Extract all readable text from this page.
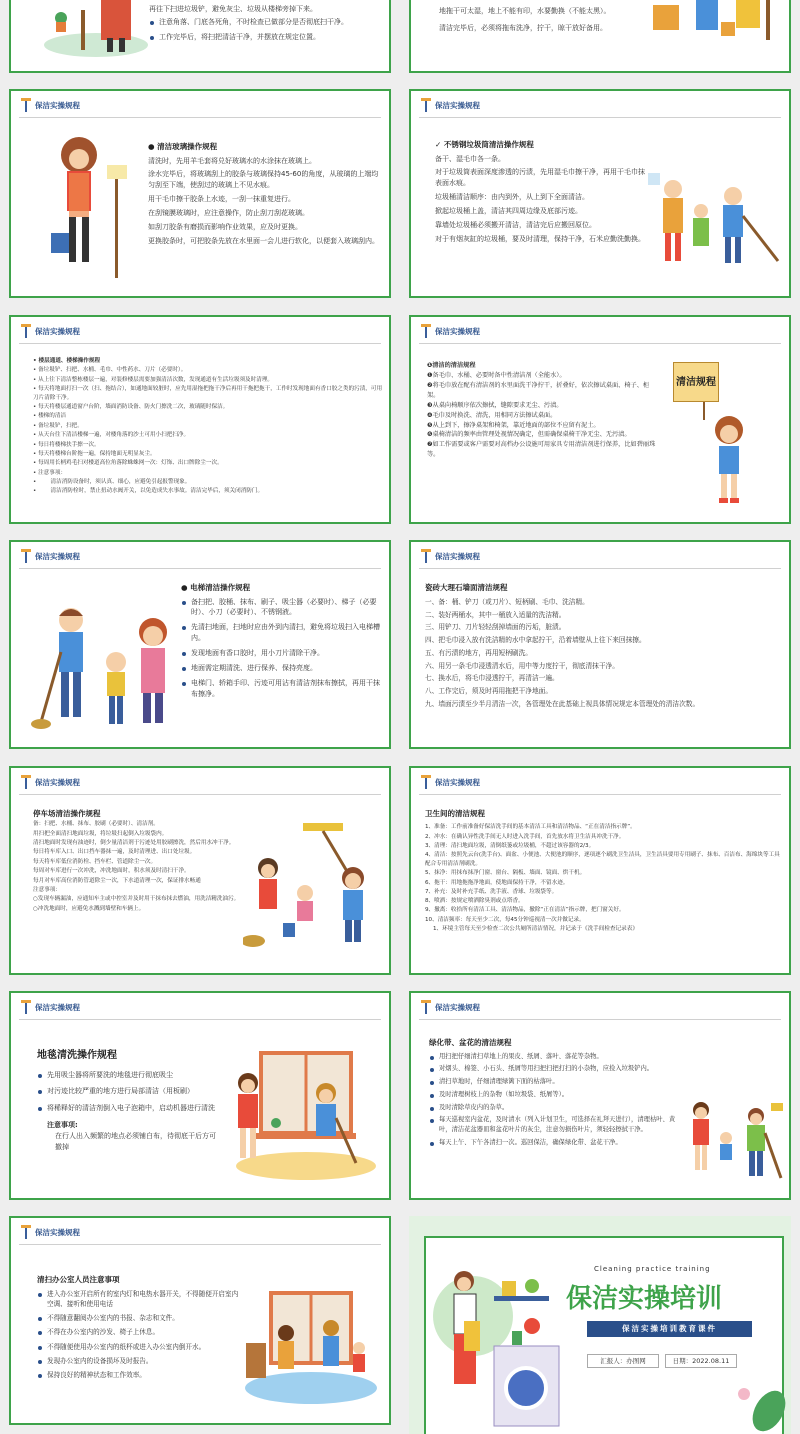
再往下扫进垃圾铲，避免灰尘、垃圾从楼梯旁掉下来。

注意角落、门底各死角，不时检查已做部分是否彻底扫干净。
工作完毕后，将扫把清洁干净，并摆放在规定位置。

地拖干可太湿，地上不能有印，水要勤换（不能太黑）。

清洁完毕后，必须将拖布洗净，拧干，晾干放好备用。

保洁实操规程

● 清洁玻璃操作规程

清洗时，先用羊毛套将兑好玻璃水的水涂抹在玻璃上。

涂水完毕后，将玻璃刮上的胶条与玻璃保持45-60的角度，从玻璃的上端均匀刮至下端，使刮过的玻璃上不见水痕。

用干毛巾擦干胶条上水迹，一刮一抹重复进行。

在刮镜膜玻璃时，应注意操作，防止刮刀刮花玻璃。

如刮刀胶条有磨损而影响作业效果，应及时更换。

更换胶条时，可把胶条先放在水里面一会儿进行软化，以便套入玻璃刮内。

保洁实操规程

✓ 不锈钢垃圾筒清洁操作规程

备干、湿毛巾各一条。

对于垃圾筒表面深度渗透的污渍，先用湿毛巾擦干净，再用干毛巾抹表面水痕。

垃圾桶清洁顺序：由内到外，从上到下全面清洁。

掀起垃圾桶上盖，清洁其四周边缘及底部污迹。

靠墙处垃圾桶必须搬开清洁，清洁完后应搬回原位。

对于有烟灰缸的垃圾桶，要及时清理，保持干净，石米应勤洗勤换。

保洁实操规程

• 楼层通道、楼梯操作规程

• 备垃圾铲、扫把、水桶、毛巾、中性药水、刀片（必要时）。

• 从上往下清洁整栋楼层一遍，对装修楼层需要加强清洁次数，发现通道有生活垃圾须及时清理。

• 每天将地面打扫一次（扫、拖结合），如通地面较脏时，应先用湿拖把拖干净后再用干拖把拖干，工作时发现地面有香口胶之类的污渍，可用刀片清除干净。

• 每天将楼层通道窗户台阶，墙面消防设备、防火门擦洗二次，玻璃随时保洁。

• 楼梯的清洁

• 备垃圾铲，扫把。

• 从天台往下清洁楼梯一遍，对楼角落的沙土可用小扫把扫净。

• 每日将楼梯扶手擦一次。

• 每天将楼梯台阶拖一遍，保持地面无明显灰尘。

• 每周用长柄鸡毛扫对楼道高位角落除蛛蛛网一次：灯饰、出口牌除尘一次。

• 注意事项：

•        清洁消防设备时，须认真、细心，应避免引起报警现象。

•        清洁消防栓时，禁止扭动水阀开关，以免造成失水事故。清洁完毕后，须关闭消防门。

保洁实操规程

❶清洁的清洁规程

❶备毛巾、水桶、必要时备中性清洁剂（全能水）。

❷将毛巾放在配有清洁剂的水里面洗干净拧干，折叠好，依次擦试桌面、椅子、柜架。

❸从桌向椅顺序依次擦拭，缝隙要求无尘、污渍。

❹毛巾及时换洗、清洗，用相同方法擦试桌面。

❺从上到下，擦净桌架和椅架，靠近地面的部位不应留有泥土。

❻桌椅清洁的频率由管理处视情况确定，但需确保桌椅干净无尘、无污渍。

❼如工作需要或客户需要对高档办公设施可用家具专用清洁剂进行保养，比如碧丽珠等。

清洁规程
保洁实操规程

● 电梯清洁操作规程

备扫把、胶桶、抹布、刷子、吸尘器（必要时）、梯子（必要时）、小刀（必要时）、不锈钢液。
先清扫地面，扫地时应由外到内清扫，避免将垃圾扫入电梯槽内。
发现地面有香口胶时，用小刀片清除干净。
地面需定期清洗、进行保养、保持亮度。
电梯门、轿箱手印、污迹可用沾有清洁剂抹布擦拭，再用干抹布擦净。
保洁实操规程

瓷砖大理石墙面清洁规程

一、备：桶、铲刀（或刀片）、短柄刷、毛巾、洗洁精。

二、装好两桶水，其中一桶放入适量的洗洁精。

三、用铲刀、刀片轻轻刮掉墙面的污垢，脏渍。

四、把毛巾浸入放有洗洁精的水中拿起拧干，沿着墙壁从上往下来回抹擦。

五、有污渍的地方，再用短柄刷洗。

六、用另一条毛巾浸透清水后，用中等力度拧干，彻底清抹干净。

七、换水后，将毛巾浸透拧干，再清洁一遍。

八、工作完后，须及时再用拖把干净地面。

九、墙面污渍至少半月清洁一次，各管理处在此基础上视具体情况规定本管理处的清洁次数。

保洁实操规程

停车场清洁操作规程

备：扫把、水桶、抹布、胶刷（必要时）、清洁剂。

用扫把全面清扫地面垃圾，将垃圾扫起倒入垃圾袋内。

清扫地面时发现有油迹时，倒少量清洁剂于污迹处用胶刷擦洗，然后用水冲干净。

每日将车库入口、出口挡车器抹一遍，及时清理进、出口处垃圾。

每天将车库低位消防栓、挡车栏、管道除尘一次。

每周对车库进行一次冲洗，冲洗地面时，积水须及时清扫干净。

每月对车库高位消防管道除尘一次，下水道清理一次，保证排水畅通

注意事项：

○发现车辆漏油，应通知车主或中控室并及时用干抹布抹去燃油，用洗洁精洗油污。

○冲洗地面时，应避免水溅到墙壁和车辆上。

保洁实操规程

卫生间的清洁规程

1、准备：工作前准备好保洁洗手间的基本清洁工具和清洁物品、“正在清洁指示牌”。

2、冲水：在确认异性洗手间无人时进入洗手间，首先放水将卫生洁具冲洗干净。

3、清理：清扫地面垃圾，清倒纸篓或垃圾桶，不超过该容器的2/3。

4、清洁：按照先云台(洗手台)、面盆、小便池、大便池的顺序，逐项逐个刷洗卫生洁具，卫生洁具要用专用刷子、抹布、百洁布、海绵块等工具配合专用清洁剂刷洗。

5、抹净：用抹布抹净门窗、窗台、隔板、墙面、镜面、烘干机。

6、拖干：用地拖拖净地面，使地面保持干净，不留水迹。

7、补充：及时补充手纸、洗手液、香球、垃圾袋等。

8、喷洒：按规定喷洒除臭剂或点塔香。

9、撤离：收拾所有清洁工具、清洁物品，撤除“正在清洁”指示牌，把门窗关好。

10、清洁频率：每天至少二次，每45分钟巡视清一次并做记录。

1、环境主管每天至少检查二次公共厕所清洁情况，并记录于《洗手间检查记录表》

保洁实操规程

地毯清洗操作规程

先用吸尘器将所要洗的地毯进行彻底吸尘
对污迹比较严重的地方进行局部清洁（用板刷）
将稀释好的清洁剂倒入电子泡箱中，启动机器进行清洗

注意事项:

在行人出入频繁的地点必须铺白布，待彻底干后方可撤掉

保洁实操规程

绿化带、盆花的清洁规程

用扫把仔细清扫草地上的果皮、纸屑、落叶、落花等杂物。
对烟头、棉签、小石头、纸屑等用扫把扫把打扫的小杂物，应捡入垃圾铲内。
清扫草地时，仔细清理绿篱下面的枯落叶。
及时清理树枝上的杂物（如垃圾袋、纸屑等）。
及时清除草皮内的杂草。
每天巡视室内盆花，及时清水（列入计划卫生，可选择在礼拜天进行），清理枯叶、黄叶，清洁花盆器皿和盆花叶片的灰尘，注意勿损伤叶片，须轻轻擦拭干净。
每天上午、下午各清扫一次。巡回保洁，确保绿化带、盆花干净。
保洁实操规程

清扫办公室人员注意事项

进入办公室开启所有的室内灯和电热水器开关，不得随便开启室内空调、接听和使用电话
不得随意翻阅办公室内的书报、杂志和文件。
不得在办公室内的沙发、椅子上休息。
不得随便使用办公室内的纸杯或进入办公室内倒开水。
发现办公室内的设备损坏及时报告。
保持良好的精神状态和工作效率。
Cleaning practice training
保洁实操培训
保洁实操培训教育课件
汇报人：办图网	日期：2022.08.11
